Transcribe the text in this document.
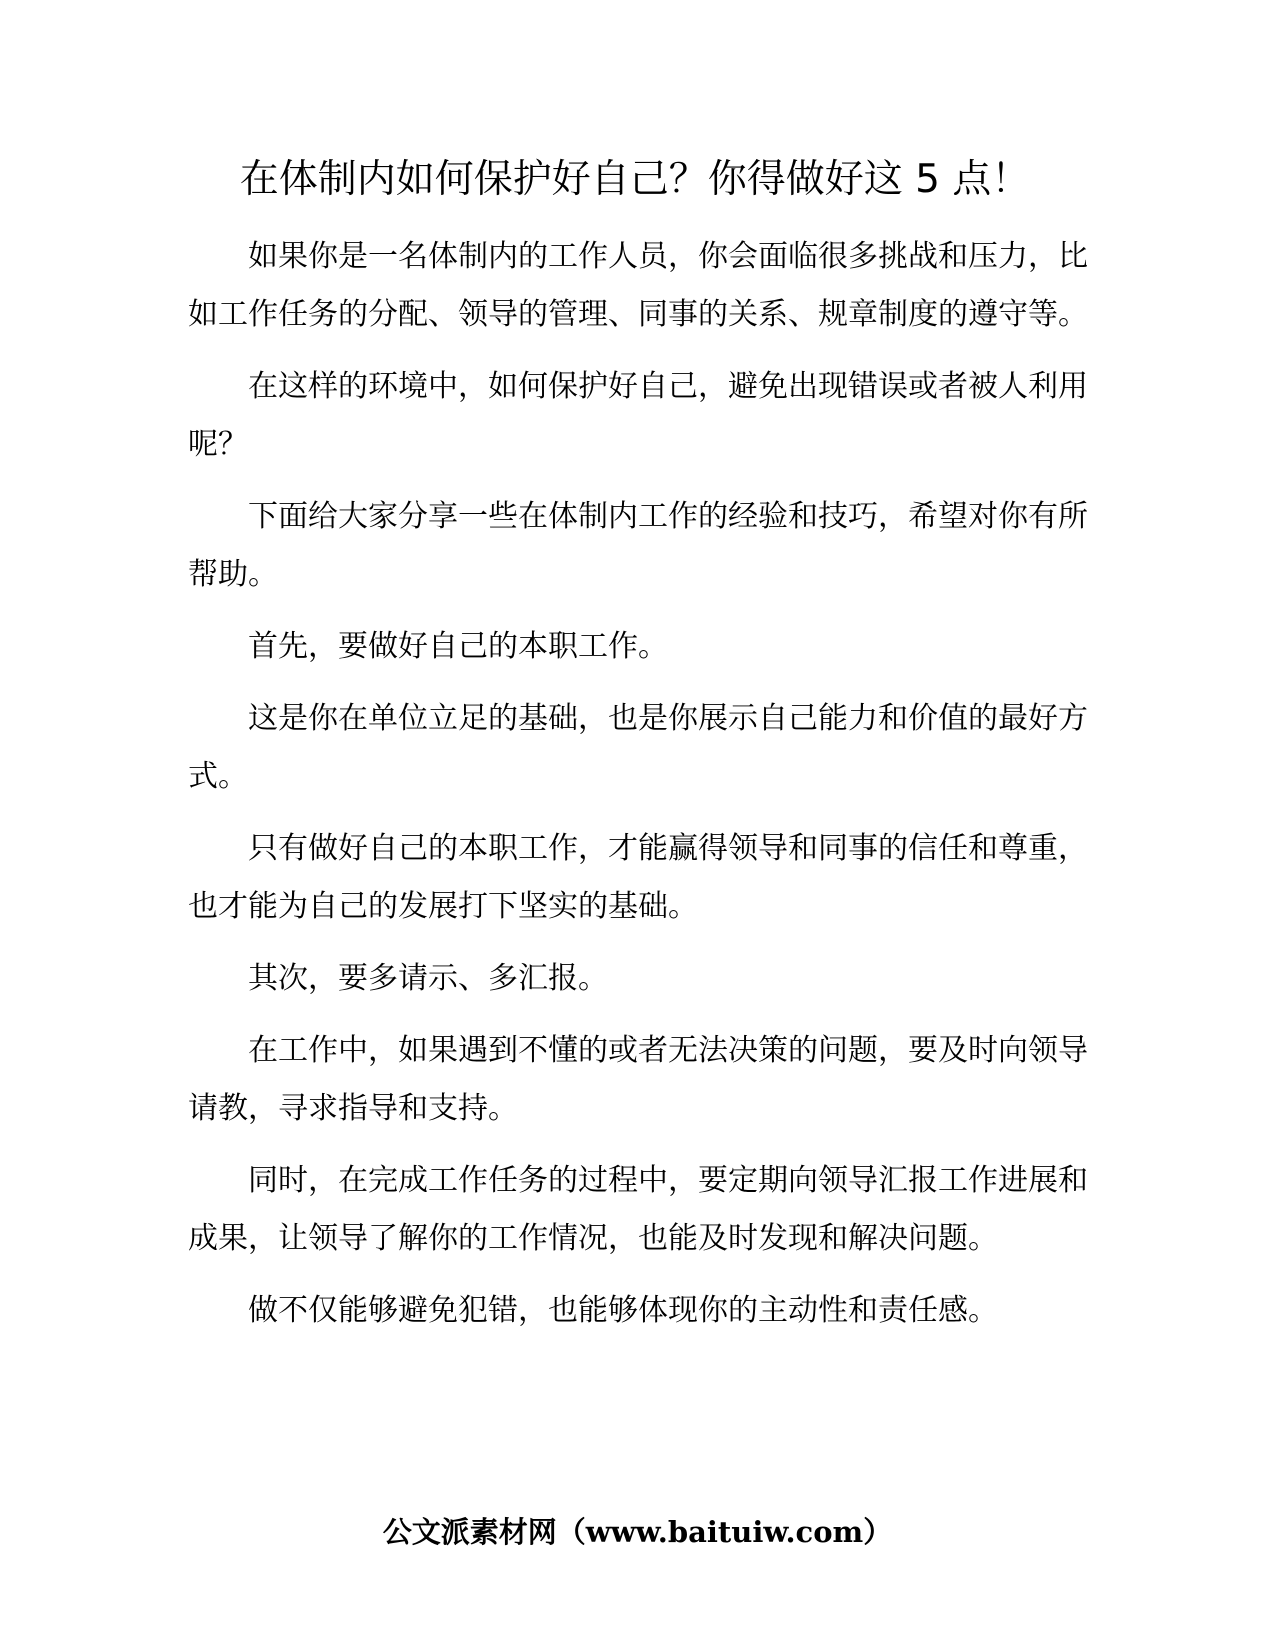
在体制内如何保护好自己？你得做好这 5 点！

如果你是一名体制内的工作人员，你会面临很多挑战和压力，比如工作任务的分配、领导的管理、同事的关系、规章制度的遵守等。

在这样的环境中，如何保护好自己，避免出现错误或者被人利用呢？

下面给大家分享一些在体制内工作的经验和技巧，希望对你有所帮助。

首先，要做好自己的本职工作。

这是你在单位立足的基础，也是你展示自己能力和价值的最好方式。

只有做好自己的本职工作，才能赢得领导和同事的信任和尊重，也才能为自己的发展打下坚实的基础。

其次，要多请示、多汇报。

在工作中，如果遇到不懂的或者无法决策的问题，要及时向领导请教，寻求指导和支持。

同时，在完成工作任务的过程中，要定期向领导汇报工作进展和成果，让领导了解你的工作情况，也能及时发现和解决问题。

做不仅能够避免犯错，也能够体现你的主动性和责任感。

公文派素材网（www.baituiw.com）
